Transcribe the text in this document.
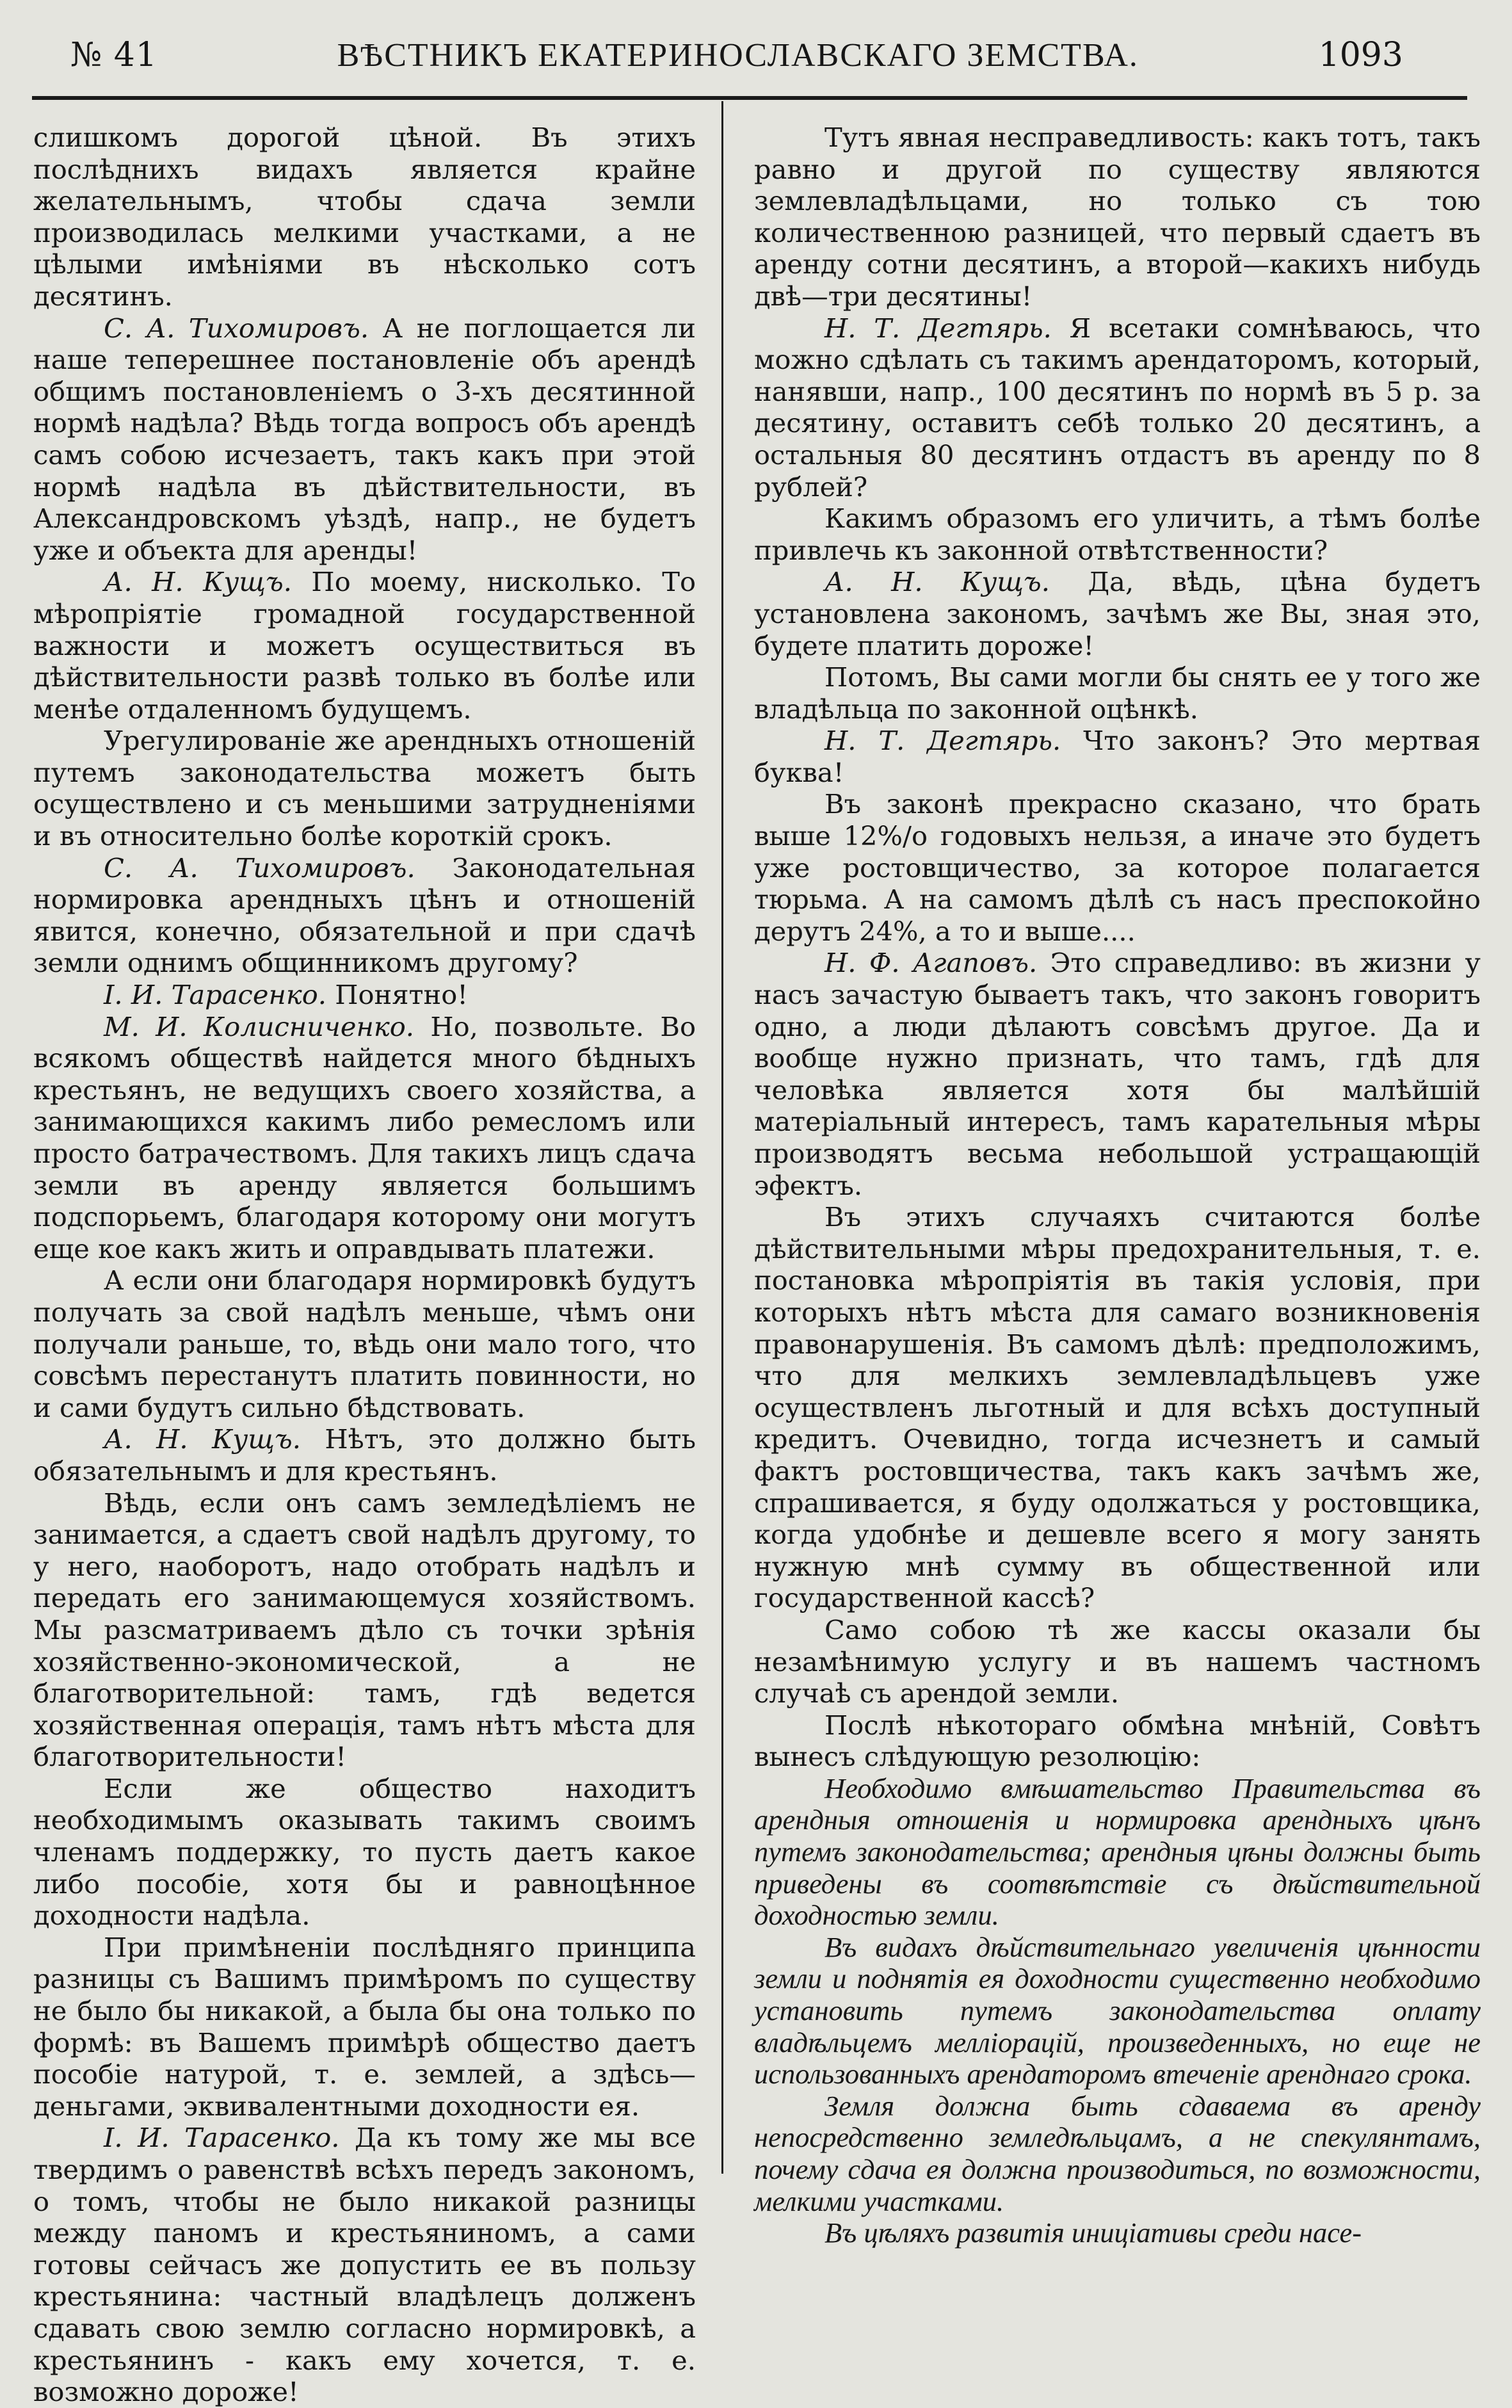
№ 41	ВѢСТНИКЪ ЕКАТЕРИНОСЛАВСКАГО ЗЕМСТВА.	1093

слишкомъ дорогой цѣной. Въ этихъ послѣднихъ видахъ является крайне желательнымъ, чтобы сдача земли производилась мелкими участками, а не цѣлыми имѣніями въ нѣсколько сотъ десятинъ.

С. А. Тихомировъ. А не поглощается ли наше теперешнее постановленіе объ арендѣ общимъ постановленіемъ о 3-хъ десятинной нормѣ надѣла? Вѣдь тогда вопросъ объ арендѣ самъ собою исчезаетъ, такъ какъ при этой нормѣ надѣла въ дѣйствительности, въ Александровскомъ уѣздѣ, напр., не будетъ уже и объекта для аренды!

А. Н. Кущъ. По моему, нисколько. То мѣропріятіе громадной государственной важности и можетъ осуществиться въ дѣйствительности развѣ только въ болѣе или менѣе отдаленномъ будущемъ.

Урегулированіе же арендныхъ отношеній путемъ законодательства можетъ быть осуществлено и съ меньшими затрудненіями и въ относительно болѣе короткій срокъ.

С. А. Тихомировъ. Законодательная нормировка арендныхъ цѣнъ и отношеній явится, конечно, обязательной и при сдачѣ земли однимъ общинникомъ другому?

І. И. Тарасенко. Понятно!

М. И. Колисниченко. Но, позвольте. Во всякомъ обществѣ найдется много бѣдныхъ крестьянъ, не ведущихъ своего хозяйства, а занимающихся какимъ либо ремесломъ или просто батрачествомъ. Для такихъ лицъ сдача земли въ аренду является большимъ подспорьемъ, благодаря которому они могутъ еще кое какъ жить и оправдывать платежи.

А если они благодаря нормировкѣ будутъ получать за свой надѣлъ меньше, чѣмъ они получали раньше, то, вѣдь они мало того, что совсѣмъ перестанутъ платить повинности, но и сами будутъ сильно бѣдствовать.

А. Н. Кущъ. Нѣтъ, это должно быть обязательнымъ и для крестьянъ.

Вѣдь, если онъ самъ земледѣліемъ не занимается, а сдаетъ свой надѣлъ другому, то у него, наоборотъ, надо отобрать надѣлъ и передать его занимающемуся хозяйствомъ. Мы разсматриваемъ дѣло съ точки зрѣнія хозяйственно-экономической, а не благотворительной: тамъ, гдѣ ведется хозяйственная операція, тамъ нѣтъ мѣста для благотворительности!

Если же общество находитъ необходимымъ оказывать такимъ своимъ членамъ поддержку, то пусть даетъ какое либо пособіе, хотя бы и равноцѣнное доходности надѣла.

При примѣненіи послѣдняго принципа разницы съ Вашимъ примѣромъ по существу не было бы никакой, а была бы она только по формѣ: въ Вашемъ примѣрѣ общество даетъ пособіе натурой, т. е. землей, а здѣсь—деньгами, эквивалентными доходности ея.

І. И. Тарасенко. Да къ тому же мы все твердимъ о равенствѣ всѣхъ передъ закономъ, о томъ, чтобы не было никакой разницы между паномъ и крестьяниномъ, а сами готовы сейчасъ же допустить ее въ пользу крестьянина: частный владѣлецъ долженъ сдавать свою землю согласно нормировкѣ, а крестьянинъ - какъ ему хочется, т. е. возможно дороже!

Тутъ явная несправедливость: какъ тотъ, такъ равно и другой по существу являются землевладѣльцами, но только съ тою количественною разницей, что первый сдаетъ въ аренду сотни десятинъ, а второй—какихъ нибудь двѣ—три десятины!

Н. Т. Дегтярь. Я всетаки сомнѣваюсь, что можно сдѣлать съ такимъ арендаторомъ, который, нанявши, напр., 100 десятинъ по нормѣ въ 5 р. за десятину, оставитъ себѣ только 20 десятинъ, а остальныя 80 десятинъ отдастъ въ аренду по 8 рублей?

Какимъ образомъ его уличить, а тѣмъ болѣе привлечь къ законной отвѣтственности?

А. Н. Кущъ. Да, вѣдь, цѣна будетъ установлена закономъ, зачѣмъ же Вы, зная это, будете платить дороже!

Потомъ, Вы сами могли бы снять ее у того же владѣльца по законной оцѣнкѣ.

Н. Т. Дегтярь. Что законъ? Это мертвая буква!

Въ законѣ прекрасно сказано, что брать выше 12%/о годовыхъ нельзя, а иначе это будетъ уже ростовщичество, за которое полагается тюрьма. А на самомъ дѣлѣ съ насъ преспокойно дерутъ 24%, а то и выше....

Н. Ф. Агаповъ. Это справедливо: въ жизни у насъ зачастую бываетъ такъ, что законъ говоритъ одно, а люди дѣлаютъ совсѣмъ другое. Да и вообще нужно признать, что тамъ, гдѣ для человѣка является хотя бы малѣйшій матеріальный интересъ, тамъ карательныя мѣры производятъ весьма небольшой устращающій эфектъ.

Въ этихъ случаяхъ считаются болѣе дѣйствительными мѣры предохранительныя, т. е. постановка мѣропріятія въ такія условія, при которыхъ нѣтъ мѣста для самаго возникновенія правонарушенія. Въ самомъ дѣлѣ: предположимъ, что для мелкихъ землевладѣльцевъ уже осуществленъ льготный и для всѣхъ доступный кредитъ. Очевидно, тогда исчезнетъ и самый фактъ ростовщичества, такъ какъ зачѣмъ же, спрашивается, я буду одолжаться у ростовщика, когда удобнѣе и дешевле всего я могу занять нужную мнѣ сумму въ общественной или государственной кассѣ?

Само собою тѣ же кассы оказали бы незамѣнимую услугу и въ нашемъ частномъ случаѣ съ арендой земли.

Послѣ нѣкотораго обмѣна мнѣній, Совѣтъ вынесъ слѣдующую резолюцію:

Необходимо вмѣшательство Правительства въ арендныя отношенія и нормировка арендныхъ цѣнъ путемъ законодательства; арендныя цѣны должны быть приведены въ соотвѣтствіе съ дѣйствительной доходностью земли.

Въ видахъ дѣйствительнаго увеличенія цѣнности земли и поднятія ея доходности существенно необходимо установить путемъ законодательства оплату владѣльцемъ мелліорацій, произведенныхъ, но еще не использованныхъ арендаторомъ втеченіе аренднаго срока.

Земля должна быть сдаваема въ аренду непосредственно земледѣльцамъ, а не спекулянтамъ, почему сдача ея должна производиться, по возможности, мелкими участками.

Въ цѣляхъ развитія иниціативы среди насе-
